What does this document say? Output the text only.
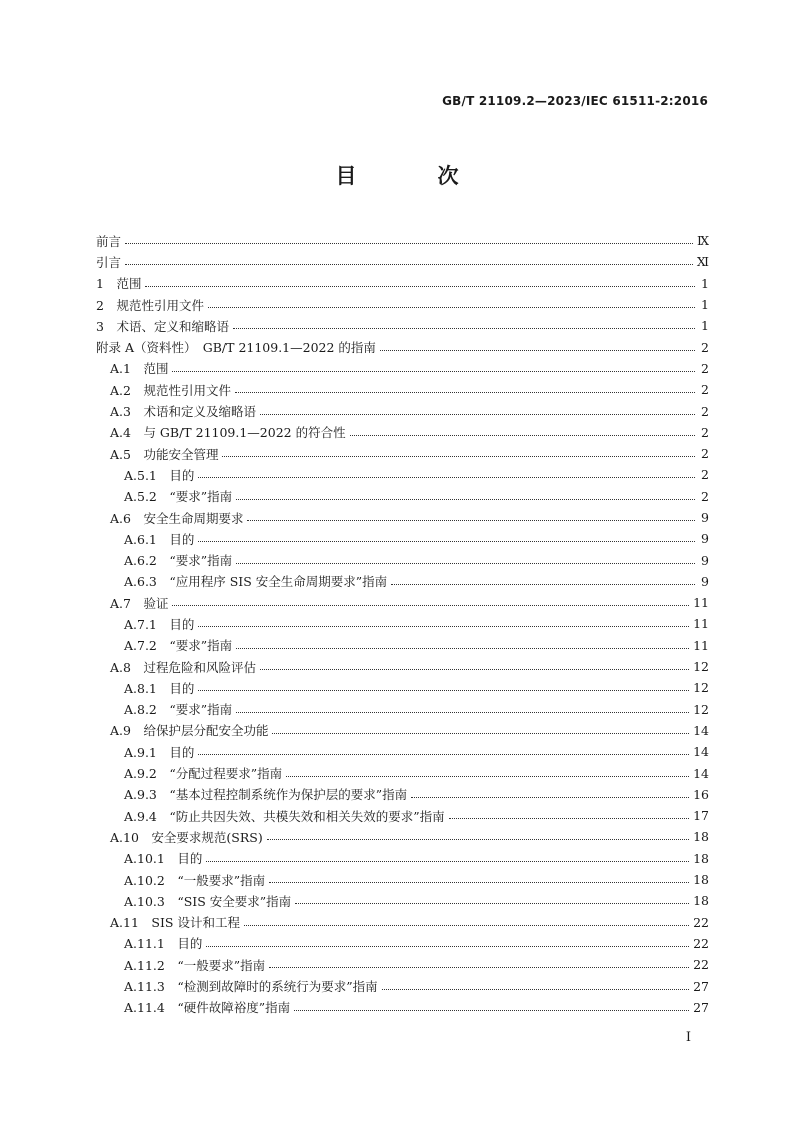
GB/T 21109.2—2023/IEC 61511-2:2016
目　次
前言	Ⅸ
引言	Ⅺ
1　范围	1
2　规范性引用文件	1
3　术语、定义和缩略语	1
附录 A（资料性）　GB/T 21109.1—2022 的指南	2
A.1　范围	2
A.2　规范性引用文件	2
A.3　术语和定义及缩略语	2
A.4　与 GB/T 21109.1—2022 的符合性	2
A.5　功能安全管理	2
A.5.1　目的	2
A.5.2　“要求”指南	2
A.6　安全生命周期要求	9
A.6.1　目的	9
A.6.2　“要求”指南	9
A.6.3　“应用程序 SIS 安全生命周期要求”指南	9
A.7　验证	11
A.7.1　目的	11
A.7.2　“要求”指南	11
A.8　过程危险和风险评估	12
A.8.1　目的	12
A.8.2　“要求”指南	12
A.9　给保护层分配安全功能	14
A.9.1　目的	14
A.9.2　“分配过程要求”指南	14
A.9.3　“基本过程控制系统作为保护层的要求”指南	16
A.9.4　“防止共因失效、共模失效和相关失效的要求”指南	17
A.10　安全要求规范(SRS)	18
A.10.1　目的	18
A.10.2　“一般要求”指南	18
A.10.3　“SIS 安全要求”指南	18
A.11　SIS 设计和工程	22
A.11.1　目的	22
A.11.2　“一般要求”指南	22
A.11.3　“检测到故障时的系统行为要求”指南	27
A.11.4　“硬件故障裕度”指南	27
Ⅰ
